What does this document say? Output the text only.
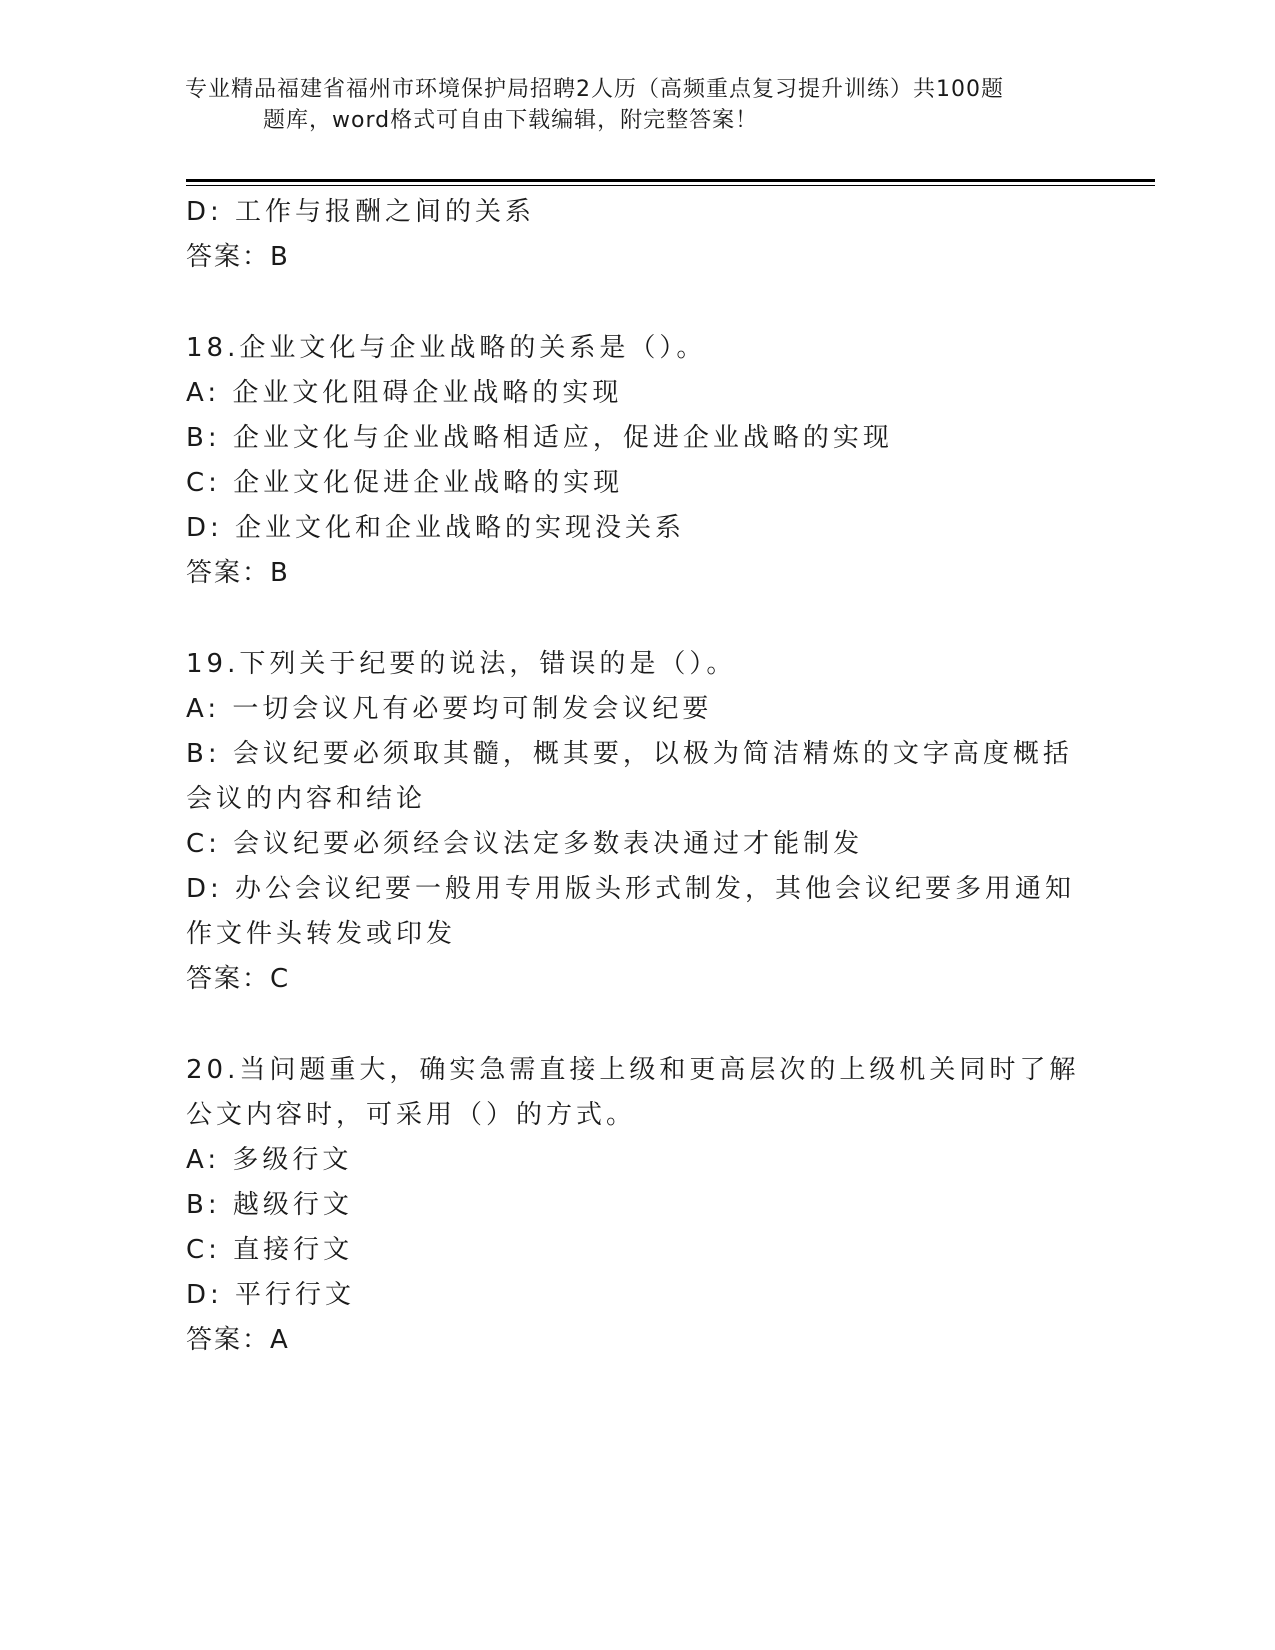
专业精品福建省福州市环境保护局招聘2人历（高频重点复习提升训练）共100题
题库，word格式可自由下载编辑，附完整答案！
D: 工作与报酬之间的关系
答案：B
18.企业文化与企业战略的关系是（）。
A: 企业文化阻碍企业战略的实现
B: 企业文化与企业战略相适应，促进企业战略的实现
C: 企业文化促进企业战略的实现
D: 企业文化和企业战略的实现没关系
答案：B
19.下列关于纪要的说法，错误的是（）。
A: 一切会议凡有必要均可制发会议纪要
B: 会议纪要必须取其髓，概其要，以极为简洁精炼的文字高度概括会议的内容和结论
C: 会议纪要必须经会议法定多数表决通过才能制发
D: 办公会议纪要一般用专用版头形式制发，其他会议纪要多用通知作文件头转发或印发
答案：C
20.当问题重大，确实急需直接上级和更高层次的上级机关同时了解公文内容时，可采用（）的方式。
A: 多级行文
B: 越级行文
C: 直接行文
D: 平行行文
答案：A
